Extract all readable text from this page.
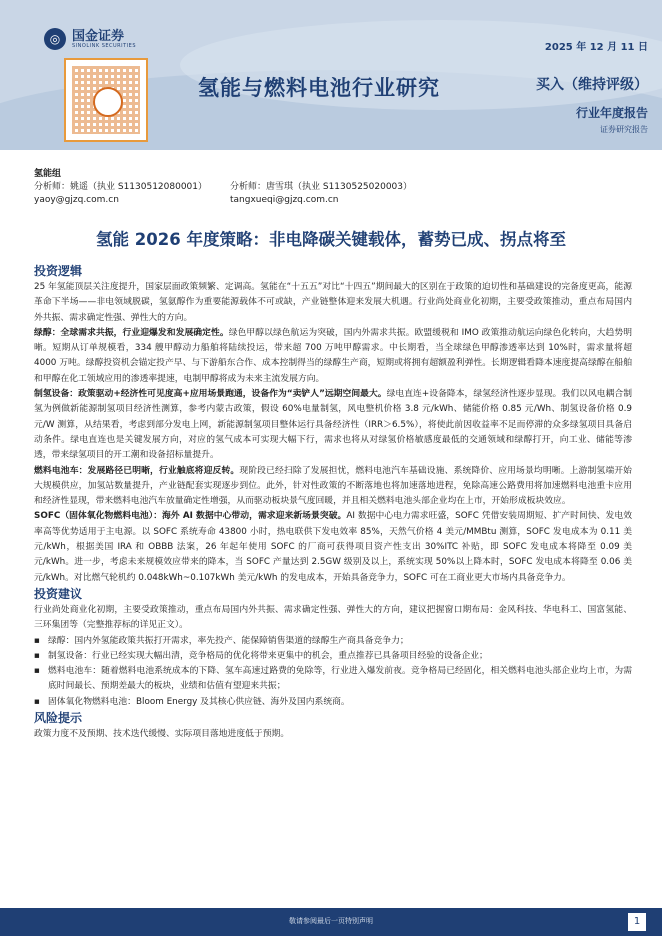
◎ 国金证券
SINOLINK SECURITIES	2025 年 12 月 11 日
氢能与燃料电池行业研究	买入（维持评级）
行业年度报告
证券研究报告
氢能组
分析师：姚遥（执业 S1130512080001）	分析师：唐雪琪（执业 S1130525020003）
yaoy@gjzq.com.cn	tangxueqi@gjzq.com.cn
氢能 2026 年度策略：非电降碳关键载体，蓄势已成、拐点将至

投资逻辑

25 年氢能顶层关注度提升，国家层面政策频繁、定调高。氢能在“十五五”对比“十四五”期间最大的区别在于政策的迫切性和基础建设的完备度更高，能源革命下半场——非电领域脱碳，氢氨醇作为重要能源载体不可或缺，产业链整体迎来发展大机遇。行业尚处商业化初期，主要受政策推动，重点布局国内外共振、需求确定性强、弹性大的方向。

绿醇：全球需求共振，行业迎爆发和发展确定性。绿色甲醇以绿色航运为突破，国内外需求共振。欧盟缓税和 IMO 政策推动航运向绿色化转向，大趋势明晰。短期从订单规模看，334 艘甲醇动力船舶将陆续投运，带来超 700 万吨甲醇需求。中长期看，当全球绿色甲醇渗透率达到 10%时，需求量将超 4000 万吨。绿醇投资机会锚定投产早、与下游船东合作、成本控制得当的绿醇生产商，短期或将拥有超额盈利弹性。长期逻辑看降本速度提高绿醇在船舶和甲醇在化工领域应用的渗透率提速，电制甲醇将成为未来主流发展方向。

制氢设备：政策驱动+经济性可见度高+应用场景跑通，设备作为“卖铲人”远期空间最大。绿电直连+设备降本，绿氢经济性逐步显现。我们以风电耦合制氢为例做新能源制氢项目经济性测算，参考内蒙古政策，假设 60%电量制氢，风电整机价格 3.8 元/kWh、储能价格 0.85 元/Wh、制氢设备价格 0.9 元/W 测算，从结果看，考虑到部分发电上网，新能源制氢项目整体运行具备经济性（IRR＞6.5%），将使此前因收益率不足而停滞的众多绿氢项目具备启动条件。绿电直连也是关键发展方向，对应的氢气成本可实现大幅下行，需求也将从对绿氢价格敏感度最低的交通领域和绿醇打开，向工业、储能等渗透，带来绿氢项目的开工潮和设备招标量提升。

燃料电池车：发展路径已明晰，行业触底将迎反转。现阶段已经扫除了发展担忧，燃料电池汽车基础设施、系统降价、应用场景均明晰。上游制氢端开始大规模供应，加氢站数量提升，产业链配套实现逐步到位。此外，针对性政策的不断落地也将加速落地进程，免除高速公路费用将加速燃料电池重卡应用和经济性显现，带来燃料电池汽车放量确定性增强，从而驱动板块景气度回暖，并且相关燃料电池头部企业均在上市，开始形成板块效应。

SOFC（固体氧化物燃料电池）：海外 AI 数据中心带动，需求迎来新场景突破。AI 数据中心电力需求旺盛，SOFC 凭借安装周期短、扩产时间快、发电效率高等优势适用于主电源。以 SOFC 系统寿命 43800 小时，热电联供下发电效率 85%，天然气价格 4 美元/MMBtu 测算，SOFC 发电成本为 0.11 美元/kWh，根据美国 IRA 和 OBBB 法案，26 年起年使用 SOFC 的厂商可获得项目资产性支出 30%ITC 补贴，即 SOFC 发电成本将降至 0.09 美元/kWh。进一步，考虑未来规模效应带来的降本，当 SOFC 产量达到 2.5GW 级别及以上，系统实现 50%以上降本时，SOFC 发电成本将降至 0.06 美元/kWh。对比燃气轮机约 0.048kWh~0.107kWh 美元/kWh 的发电成本，开始具备竞争力，SOFC 可在工商业更大市场内具备竞争力。

投资建议

行业尚处商业化初期，主要受政策推动，重点布局国内外共振、需求确定性强、弹性大的方向，建议把握窗口期布局：金风科技、华电科工、国富氢能、三环集团等（完整推荐标的详见正文）。

▪ 绿醇：国内外氢能政策共振打开需求，率先投产、能保障销售渠道的绿醇生产商具备竞争力；
▪ 制氢设备：行业已经实现大幅出清，竞争格局的优化将带来更集中的机会，重点推荐已具备项目经验的设备企业；
▪ 燃料电池车：随着燃料电池系统成本的下降、氢车高速过路费的免除等，行业进入爆发前夜。竞争格局已经固化，相关燃料电池头部企业均上市，为需底时间最长、预期差最大的板块，业绩和估值有望迎来共振；
▪ 固体氧化物燃料电池：Bloom Energy 及其核心供应链、海外及国内系统商。

风险提示

政策力度不及预期、技术迭代缓慢、实际项目落地进度低于预期。

敬请参阅最后一页特别声明	1
